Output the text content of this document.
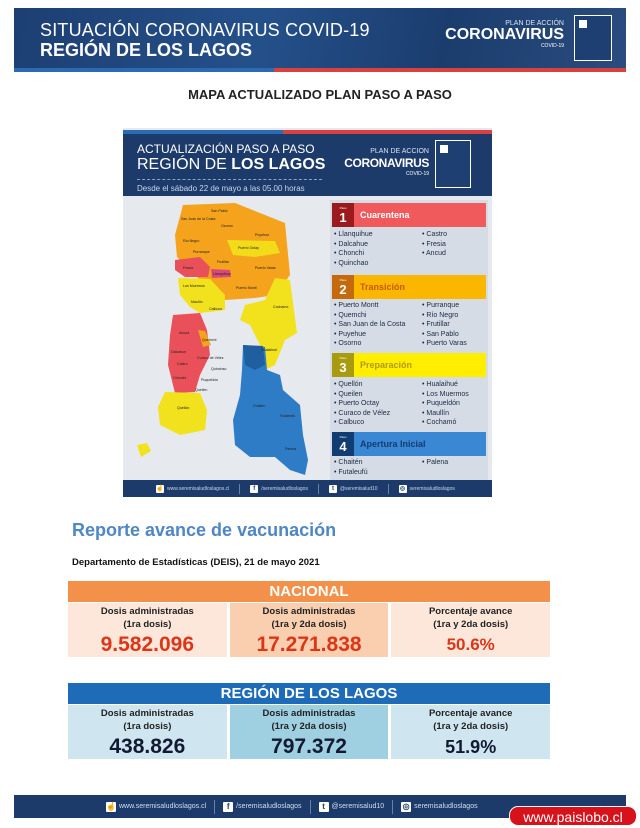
SITUACIÓN CORONAVIRUS COVID-19
REGIÓN DE LOS LAGOS
PLAN DE ACCIÓN
CORONAVIRUS
COVID-19
MAPA ACTUALIZADO PLAN PASO A PASO
ACTUALIZACIÓN PASO A PASO
REGIÓN DE LOS LAGOS
Desde el sábado 22 de mayo a las 05.00 horas
PLAN DE ACCIÓN
CORONAVIRUS
COVID-19
San Juan de la Costa
San Pablo
Osorno
Puyehue
Río Negro
Purranque
Puerto Octay
Frutillar
Puerto Varas
Fresia
Llanquihue
Los Muermos	Puerto Montt
Maullín
Calbuco	Cochamó
Ancud
Quemchi
Hualaihué
Dalcahue
Castro
Curaco de Vélez
Quinchao
Chonchi	Puqueldón
Queilen
Quellón	Chaitén
Futaleufú
Palena
Paso
1	Cuarentena
• Llanquihue	• Castro
• Dalcahue	• Fresia
• Chonchi	• Ancud
• Quinchao
Paso
2	Transición
• Puerto Montt	• Purranque
• Quemchi	• Río Negro
• San Juan de la Costa	• Frutillar
• Puyehue	• San Pablo
• Osorno	• Puerto Varas
Paso
3	Preparación
• Quellón	• Hualaihué
• Queilen	• Los Muermos
• Puerto Octay	• Puqueldón
• Curaco de Vélez	• Maullín
• Calbuco	• Cochamó
Paso
4	Apertura Inicial
• Chaitén	• Palena
• Futaleufú
☝ www.seremisaludloslagos.cl	f	/seremisaludloslagos	t	@seremisalud10	◎ seremisaludloslagos
Reporte avance de vacunación
Departamento de Estadísticas (DEIS), 21 de mayo 2021
NACIONAL
Dosis administradas
(1ra dosis)
9.582.096
Dosis administradas
(1ra y 2da dosis)
17.271.838
Porcentaje avance
(1ra y 2da dosis)
50.6%
REGIÓN DE LOS LAGOS
Dosis administradas
(1ra dosis)
438.826
Dosis administradas
(1ra y 2da dosis)
797.372
Porcentaje avance
(1ra y 2da dosis)
51.9%
☝ www.seremisaludloslagos.cl	f /seremisaludloslagos	t @seremisalud10 ◎ seremisaludloslagos
www.paislobo.cl
